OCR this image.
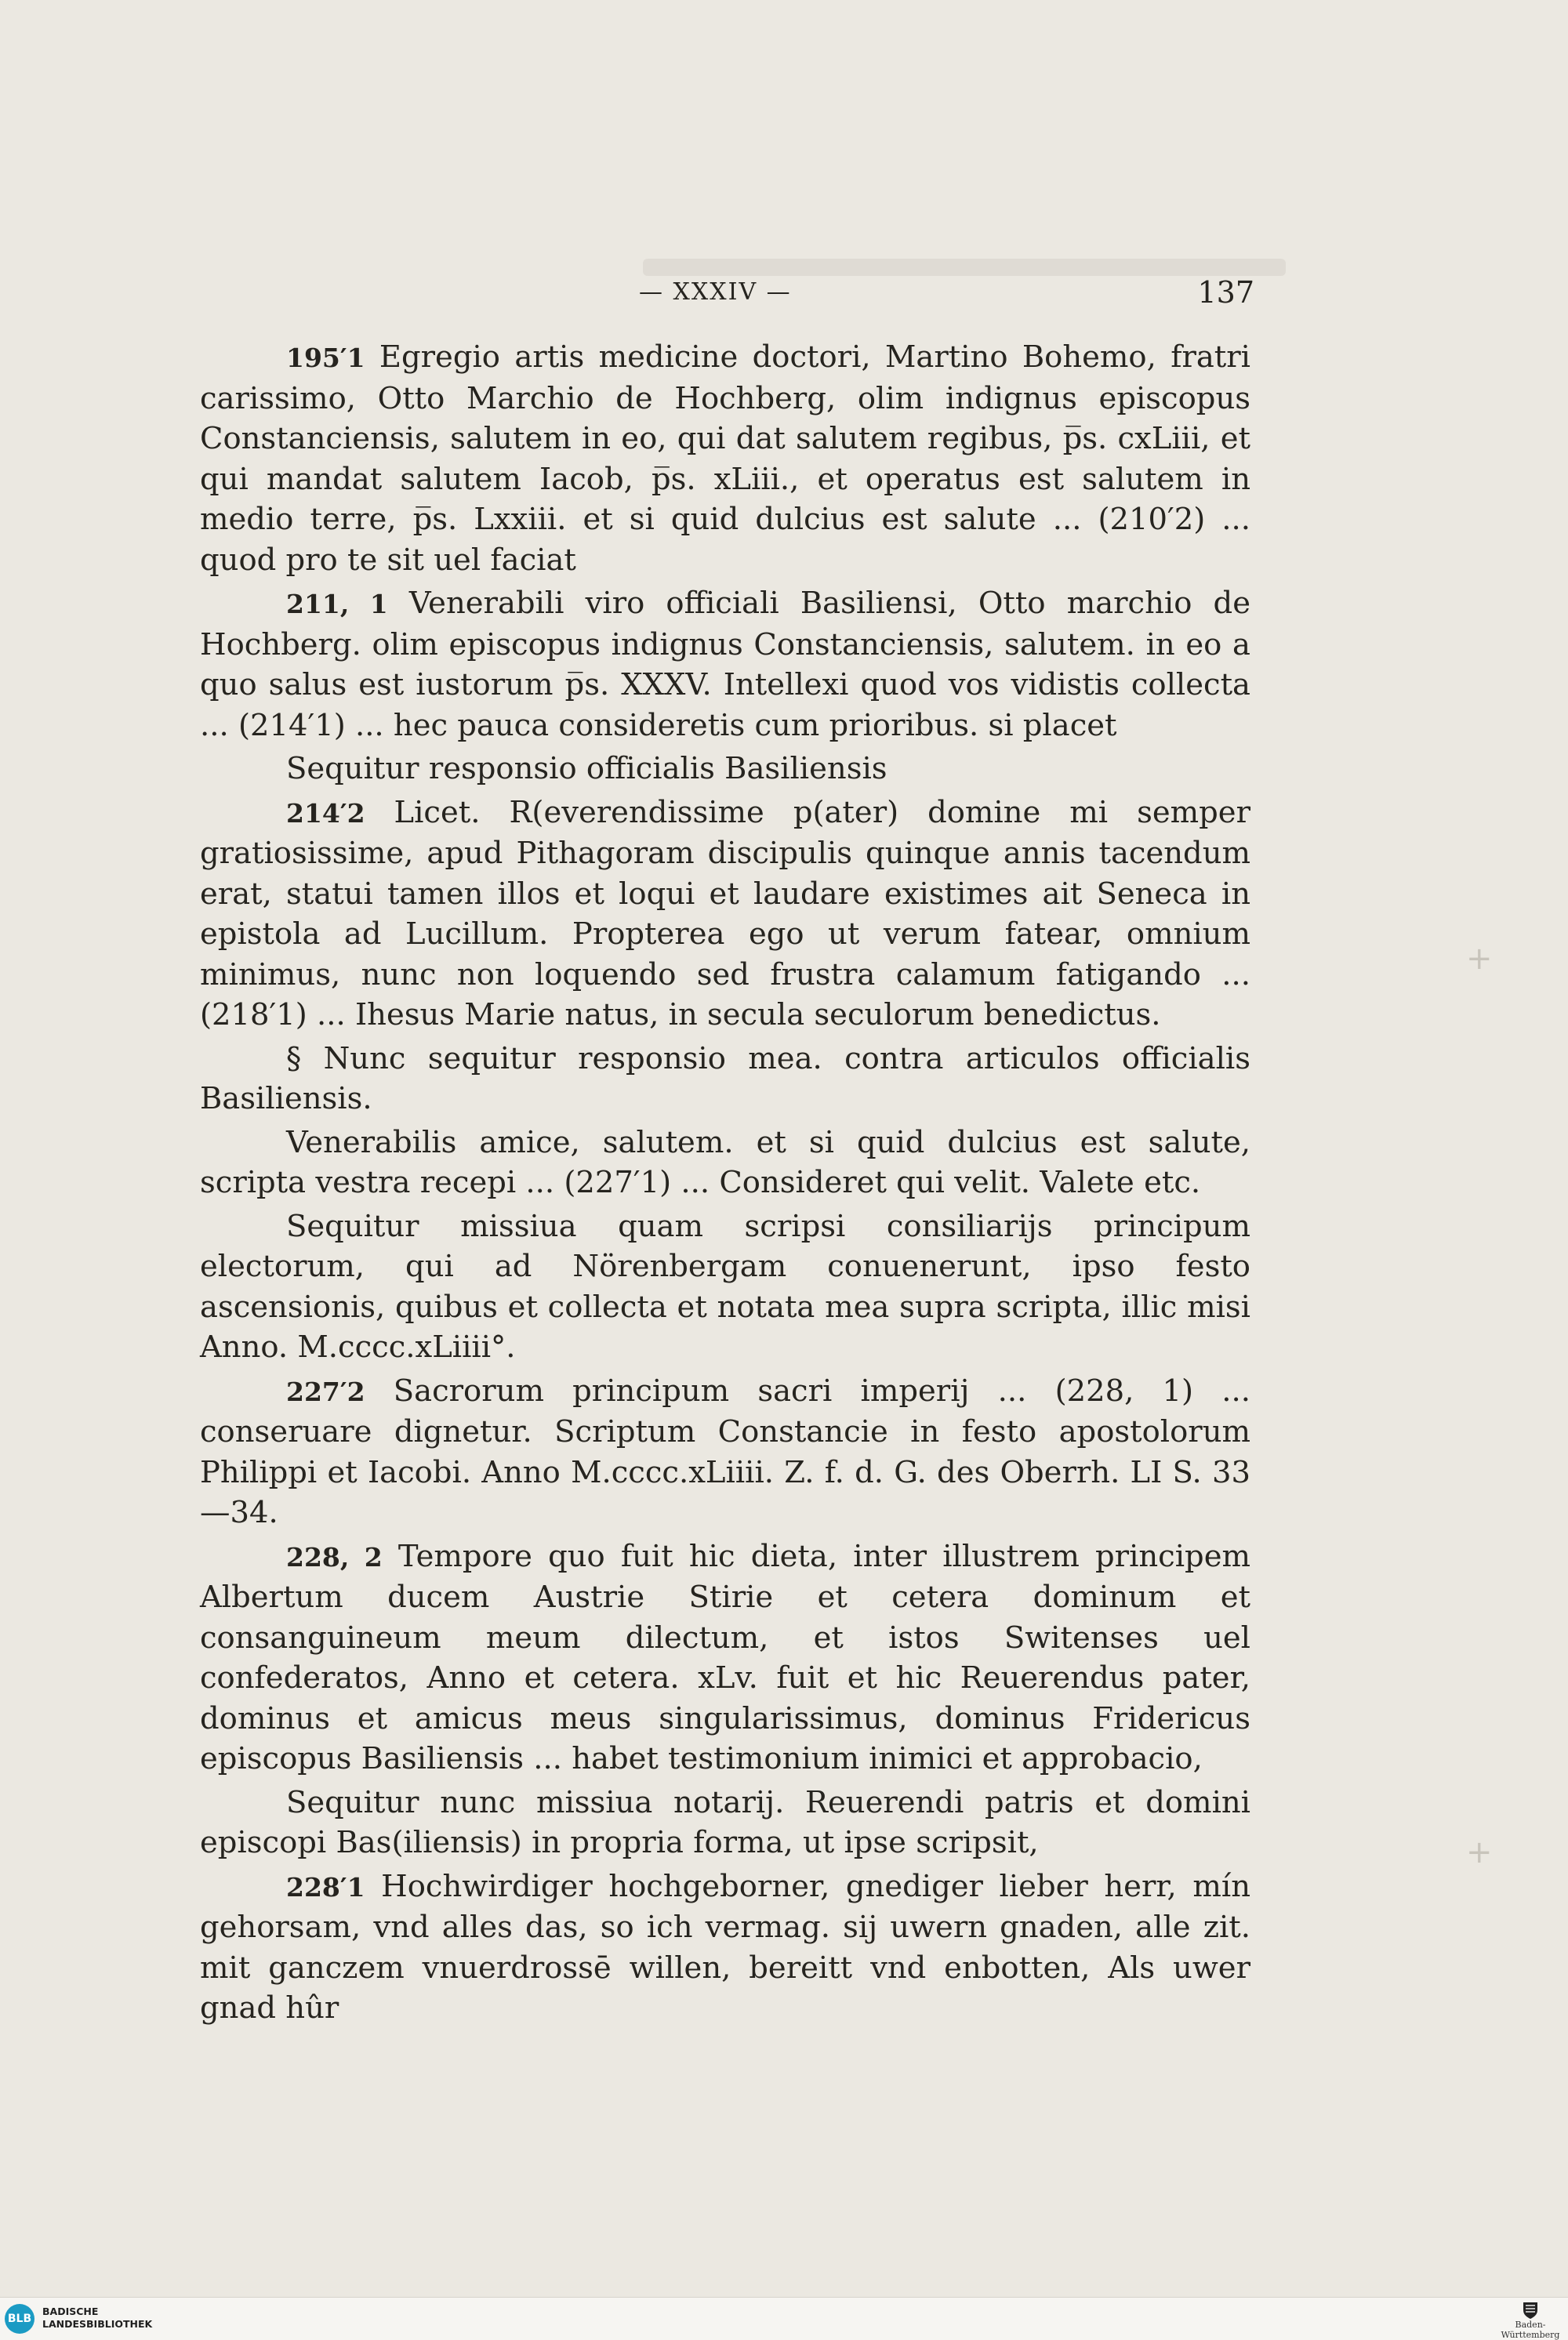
+
+
— XXXIV —	137

195′1 Egregio artis medicine doctori, Martino Bohemo, fratri carissimo, Otto Marchio de Hochberg, olim indignus episcopus Constanciensis, salutem in eo, qui dat salutem regibus, p̅s. cxLiii, et qui mandat salutem Iacob, p̅s. xLiii., et operatus est salutem in medio terre, p̅s. Lxxiii. et si quid dulcius est salute ... (210′2) ... quod pro te sit uel faciat

211, 1 Venerabili viro officiali Basiliensi, Otto marchio de Hochberg. olim episcopus indignus Constanciensis, salutem. in eo a quo salus est iustorum p̅s. XXXV. Intellexi quod vos vidistis collecta ... (214′1) ... hec pauca consideretis cum prioribus. si placet

Sequitur responsio officialis Basiliensis

214′2 Licet. R(everendissime p(ater) domine mi semper gratiosissime, apud Pithagoram discipulis quinque annis tacendum erat, statui tamen illos et loqui et laudare existimes ait Seneca in epistola ad Lucillum. Propterea ego ut verum fatear, omnium minimus, nunc non loquendo sed frustra calamum fatigando ... (218′1) ... Ihesus Marie natus, in secula seculorum benedictus.

§ Nunc sequitur responsio mea. contra articulos officialis Basiliensis.

Venerabilis amice, salutem. et si quid dulcius est salute, scripta vestra recepi ... (227′1) ... Consideret qui velit. Valete etc.

Sequitur missiua quam scripsi consiliarijs principum electorum, qui ad Nörenbergam conuenerunt, ipso festo ascensionis, quibus et collecta et notata mea supra scripta, illic misi Anno. M.cccc.xLiiii°.

227′2 Sacrorum principum sacri imperij ... (228, 1) ... conseruare dignetur. Scriptum Constancie in festo apostolorum Philippi et Iacobi. Anno M.cccc.xLiiii. Z. f. d. G. des Oberrh. LI S. 33—34.

228, 2 Tempore quo fuit hic dieta, inter illustrem principem Albertum ducem Austrie Stirie et cetera dominum et consanguineum meum dilectum, et istos Switenses uel confederatos, Anno et cetera. xLv. fuit et hic Reuerendus pater, dominus et amicus meus singularissimus, dominus Fridericus episcopus Basiliensis ... habet testimonium inimici et approbacio,

Sequitur nunc missiua notarij. Reuerendi patris et domini episcopi Bas(iliensis) in propria forma, ut ipse scripsit,

228′1 Hochwirdiger hochgeborner, gnediger lieber herr, mín gehorsam, vnd alles das, so ich vermag. sij uwern gnaden, alle zit. mit ganczem vnuerdrossē willen, bereitt vnd enbotten, Als uwer gnad hûr

BLB
BADISCHE
LANDESBIBLIOTHEK	Baden-Württemberg
